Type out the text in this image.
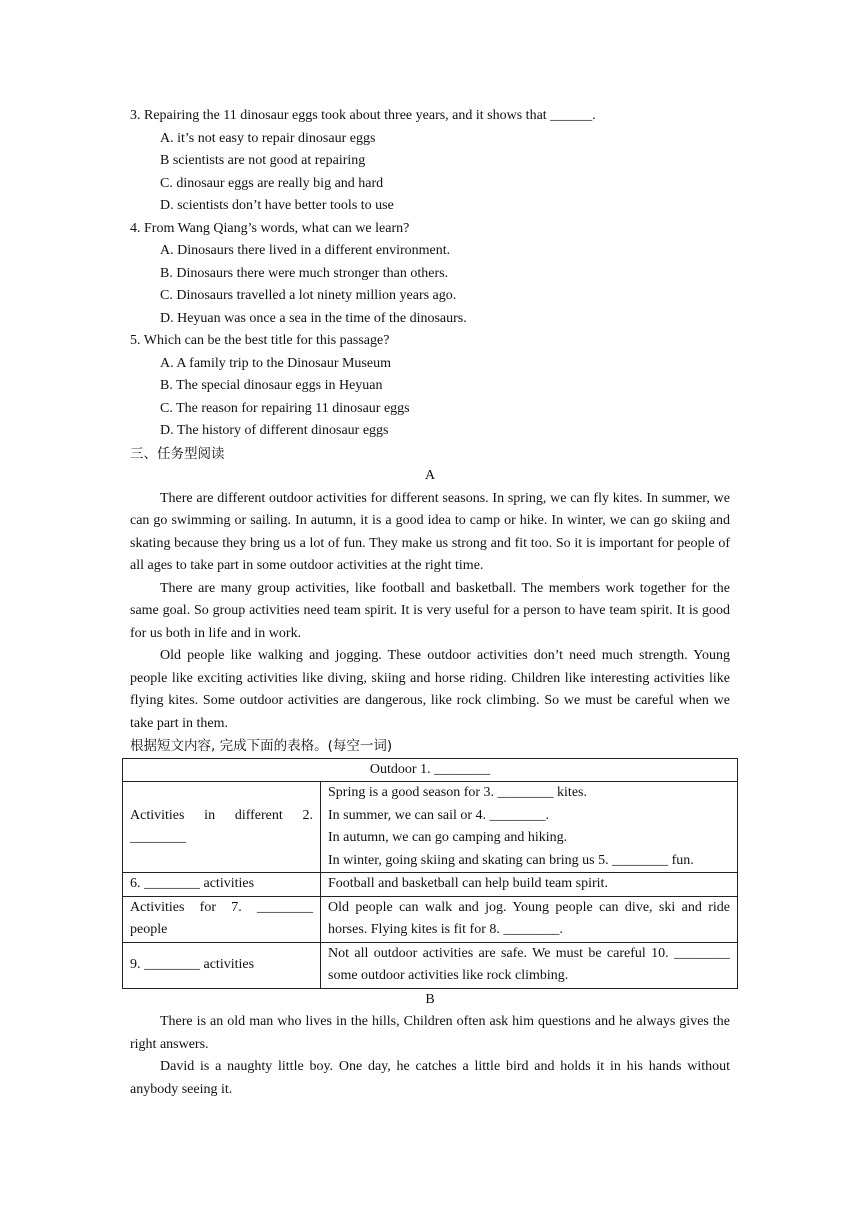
3. Repairing the 11 dinosaur eggs took about three years, and it shows that ______.
A. it’s not easy to repair dinosaur eggs
B scientists are not good at repairing
C. dinosaur eggs are really big and hard
D. scientists don’t have better tools to use
4. From Wang Qiang’s words, what can we learn?
A. Dinosaurs there lived in a different environment.
B. Dinosaurs there were much stronger than others.
C. Dinosaurs travelled a lot ninety million years ago.
D. Heyuan was once a sea in the time of the dinosaurs.
5. Which can be the best title for this passage?
A. A family trip to the Dinosaur Museum
B. The special dinosaur eggs in Heyuan
C. The reason for repairing 11 dinosaur eggs
D. The history of different dinosaur eggs
三、任务型阅读
A

There are different outdoor activities for different seasons. In spring, we can fly kites. In summer, we can go swimming or sailing. In autumn, it is a good idea to camp or hike. In winter, we can go skiing and skating because they bring us a lot of fun. They make us strong and fit too. So it is important for people of all ages to take part in some outdoor activities at the right time.

There are many group activities, like football and basketball. The members work together for the same goal. So group activities need team spirit. It is very useful for a person to have team spirit. It is good for us both in life and in work.

Old people like walking and jogging. These outdoor activities don’t need much strength. Young people like exciting activities like diving, skiing and horse riding. Children like interesting activities like flying kites. Some outdoor activities are dangerous, like rock climbing. So we must be careful when we take part in them.

根据短文内容, 完成下面的表格。(每空一词)
Outdoor 1. ________	
Activities in different 2. ________	Spring is a good season for 3. ________ kites.
In summer, we can sail or 4. ________.
In autumn, we can go camping and hiking.
In winter, going skiing and skating can bring us 5. ________ fun.

6. ________ activities	Football and basketball can help build team spirit.
Activities for 7. ________ people	Old people can walk and jog. Young people can dive, ski and ride horses. Flying kites is fit for 8. ________.
9. ________ activities	Not all outdoor activities are safe. We must be careful 10. ________ some outdoor activities like rock climbing.
B

There is an old man who lives in the hills, Children often ask him questions and he always gives the right answers.

David is a naughty little boy. One day, he catches a little bird and holds it in his hands without anybody seeing it.
